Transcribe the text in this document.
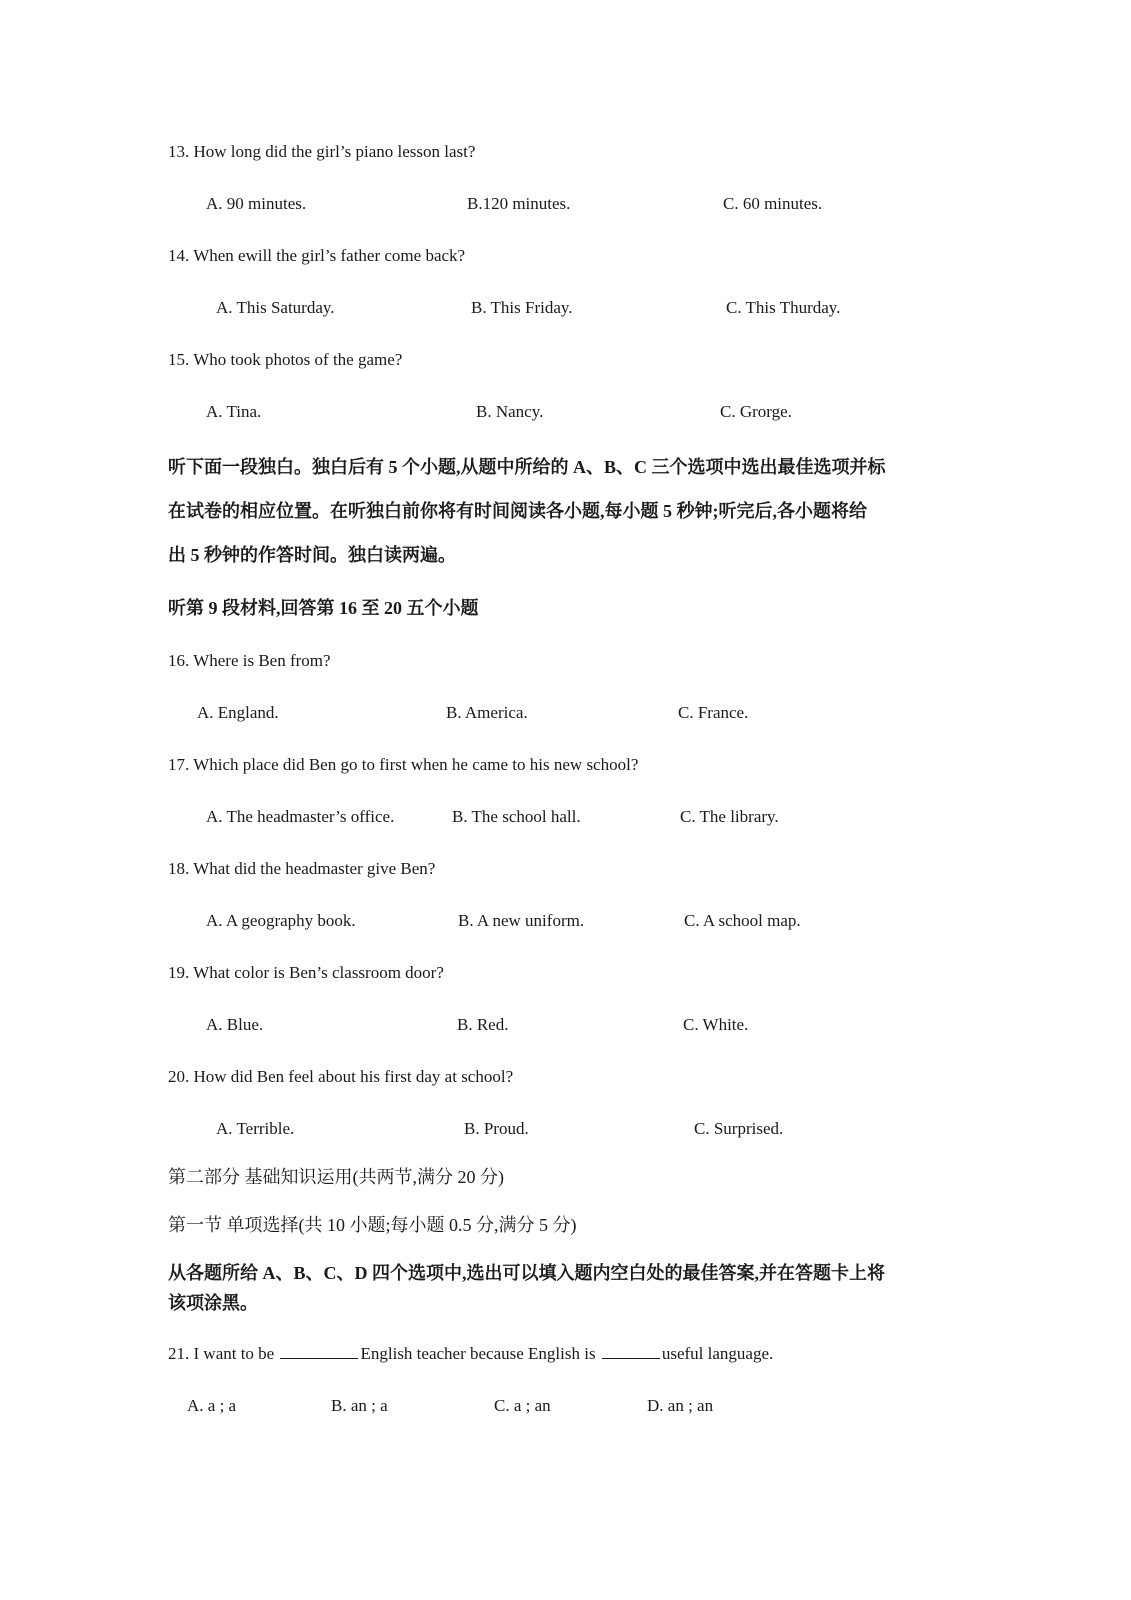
13. How long did the girl’s piano lesson last?
A. 90 minutes.	B.120 minutes.	C. 60 minutes.
14. When ewill the girl’s father come back?
A. This Saturday.	B. This Friday.	C. This Thurday.
15. Who took photos of the game?
A. Tina.	B. Nancy.	C. Grorge.
听下面一段独白。独白后有 5 个小题,从题中所给的 A、B、C 三个选项中选出最佳选项并标
在试卷的相应位置。在听独白前你将有时间阅读各小题,每小题 5 秒钟;听完后,各小题将给
出 5 秒钟的作答时间。独白读两遍。
听第 9 段材料,回答第 16 至 20 五个小题
16. Where is Ben from?
A. England.	B. America.	C. France.
17. Which place did Ben go to first when he came to his new school?
A. The headmaster’s office.	B. The school hall.	C. The library.
18. What did the headmaster give Ben?
A. A geography book.	B. A new uniform.	C. A school map.
19. What color is Ben’s classroom door?
A. Blue.	B. Red.	C. White.
20. How did Ben feel about his first day at school?
A. Terrible.	B. Proud.	C. Surprised.
第二部分 基础知识运用(共两节,满分 20 分)
第一节 单项选择(共 10 小题;每小题 0.5 分,满分 5 分)
从各题所给 A、B、C、D 四个选项中,选出可以填入题内空白处的最佳答案,并在答题卡上将
该项涂黑。
21. I want to be	English teacher because English is	useful language.
A. a ; a	B. an ; a	C. a ; an	D. an ; an
